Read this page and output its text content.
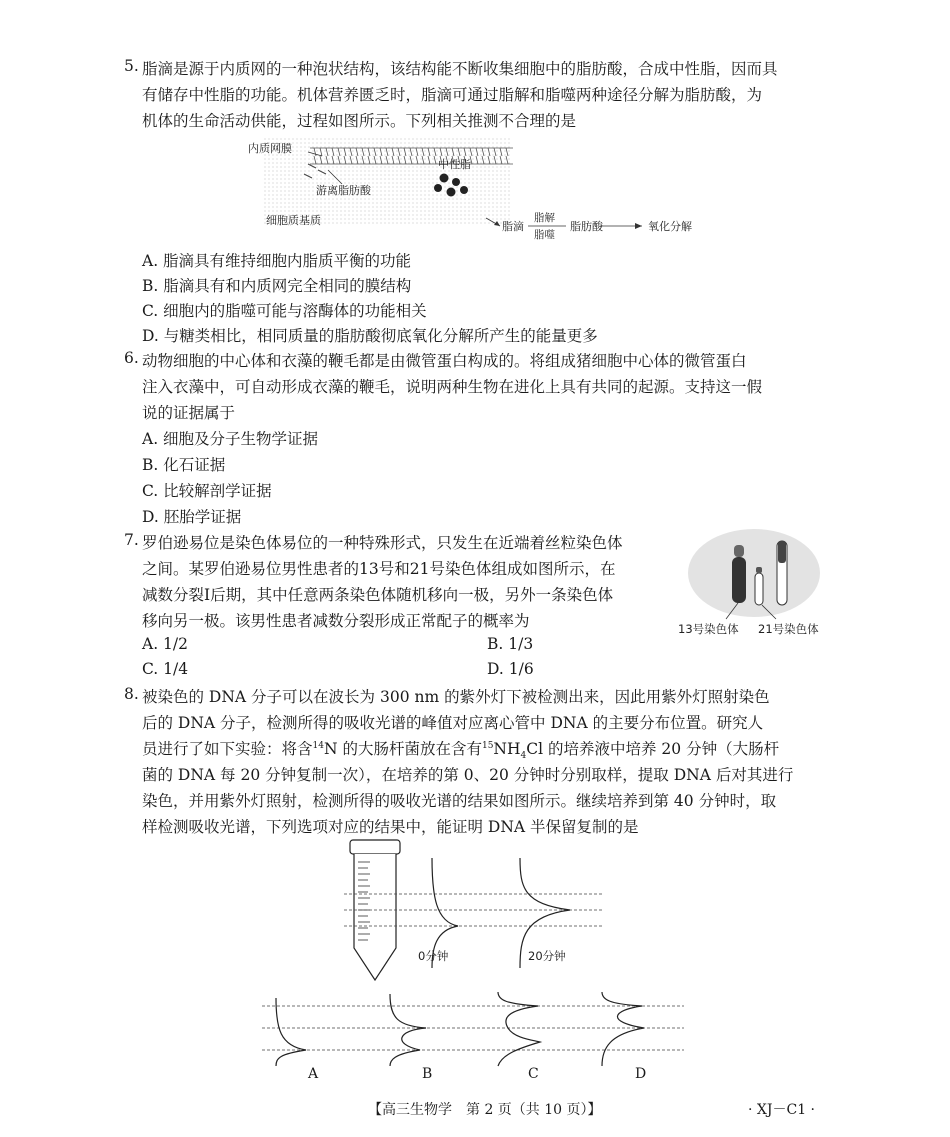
5. 脂滴是源于内质网的一种泡状结构，该结构能不断收集细胞中的脂肪酸，合成中性脂，因而具
有储存中性脂的功能。机体营养匮乏时，脂滴可通过脂解和脂噬两种途径分解为脂肪酸，为
机体的生命活动供能，过程如图所示。下列相关推测不合理的是
内质网膜
游离脂肪酸
中性脂
细胞质基质	脂滴
脂解
脂噬
脂肪酸	氧化分解
A. 脂滴具有维持细胞内脂质平衡的功能
B. 脂滴具有和内质网完全相同的膜结构
C. 细胞内的脂噬可能与溶酶体的功能相关
D. 与糖类相比，相同质量的脂肪酸彻底氧化分解所产生的能量更多
6. 动物细胞的中心体和衣藻的鞭毛都是由微管蛋白构成的。将组成猪细胞中心体的微管蛋白
注入衣藻中，可自动形成衣藻的鞭毛，说明两种生物在进化上具有共同的起源。支持这一假
说的证据属于
A. 细胞及分子生物学证据
B. 化石证据
C. 比较解剖学证据
D. 胚胎学证据
7. 罗伯逊易位是染色体易位的一种特殊形式，只发生在近端着丝粒染色体
之间。某罗伯逊易位男性患者的13号和21号染色体组成如图所示，在
减数分裂Ⅰ后期，其中任意两条染色体随机移向一极，另外一条染色体
移向另一极。该男性患者减数分裂形成正常配子的概率为	13号染色体 21号染色体
A. 1/2	B. 1/3
C. 1/4	D. 1/6
8. 被染色的 DNA 分子可以在波长为 300 nm 的紫外灯下被检测出来，因此用紫外灯照射染色
后的 DNA 分子，检测所得的吸收光谱的峰值对应离心管中 DNA 的主要分布位置。研究人
员进行了如下实验：将含$^{14}$N 的大肠杆菌放在含有$^{15}NH_4Cl$ 的培养液中培养 20 分钟（大肠杆
菌的 DNA 每 20 分钟复制一次），在培养的第 0、20 分钟时分别取样，提取 DNA 后对其进行
染色，并用紫外灯照射，检测所得的吸收光谱的结果如图所示。继续培养到第 40 分钟时，取
样检测吸收光谱，下列选项对应的结果中，能证明 DNA 半保留复制的是
0分钟	20分钟
A	B	C	D
【高三生物学　第 2 页（共 10 页）】	· XJ－C1 ·
